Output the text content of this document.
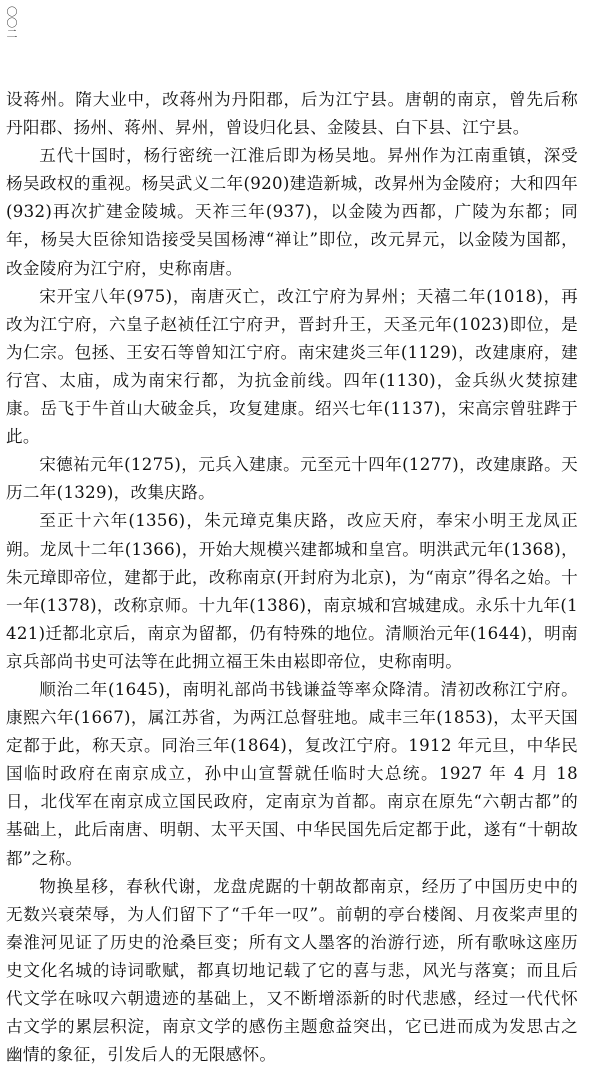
〇〇二

设蒋州。隋大业中，改蒋州为丹阳郡，后为江宁县。唐朝的南京，曾先后称丹阳郡、扬州、蒋州、昇州，曾设归化县、金陵县、白下县、江宁县。

五代十国时，杨行密统一江淮后即为杨吴地。昇州作为江南重镇，深受杨吴政权的重视。杨吴武义二年(920)建造新城，改昇州为金陵府；大和四年(932)再次扩建金陵城。天祚三年(937)，以金陵为西都，广陵为东都；同年，杨吴大臣徐知诰接受吴国杨溥“禅让”即位，改元昇元，以金陵为国都，改金陵府为江宁府，史称南唐。

宋开宝八年(975)，南唐灭亡，改江宁府为昇州；天禧二年(1018)，再改为江宁府，六皇子赵祯任江宁府尹，晋封升王，天圣元年(1023)即位，是为仁宗。包拯、王安石等曾知江宁府。南宋建炎三年(1129)，改建康府，建行宫、太庙，成为南宋行都，为抗金前线。四年(1130)，金兵纵火焚掠建康。岳飞于牛首山大破金兵，攻复建康。绍兴七年(1137)，宋高宗曾驻跸于此。

宋德祐元年(1275)，元兵入建康。元至元十四年(1277)，改建康路。天历二年(1329)，改集庆路。

至正十六年(1356)，朱元璋克集庆路，改应天府，奉宋小明王龙凤正朔。龙凤十二年(1366)，开始大规模兴建都城和皇宫。明洪武元年(1368)，朱元璋即帝位，建都于此，改称南京(开封府为北京)，为“南京”得名之始。十一年(1378)，改称京师。十九年(1386)，南京城和宫城建成。永乐十九年(1421)迁都北京后，南京为留都，仍有特殊的地位。清顺治元年(1644)，明南京兵部尚书史可法等在此拥立福王朱由崧即帝位，史称南明。

顺治二年(1645)，南明礼部尚书钱谦益等率众降清。清初改称江宁府。康熙六年(1667)，属江苏省，为两江总督驻地。咸丰三年(1853)，太平天国定都于此，称天京。同治三年(1864)，复改江宁府。1912 年元旦，中华民国临时政府在南京成立，孙中山宣誓就任临时大总统。1927 年 4 月 18 日，北伐军在南京成立国民政府，定南京为首都。南京在原先“六朝古都”的基础上，此后南唐、明朝、太平天国、中华民国先后定都于此，遂有“十朝故都”之称。

物换星移，春秋代谢，龙盘虎踞的十朝故都南京，经历了中国历史中的无数兴衰荣辱，为人们留下了“千年一叹”。前朝的亭台楼阁、月夜桨声里的秦淮河见证了历史的沧桑巨变；所有文人墨客的治游行迹，所有歌咏这座历史文化名城的诗词歌赋，都真切地记载了它的喜与悲，风光与落寞；而且后代文学在咏叹六朝遗迹的基础上，又不断增添新的时代悲感，经过一代代怀古文学的累层积淀，南京文学的感伤主题愈益突出，它已进而成为发思古之幽情的象征，引发后人的无限感怀。
